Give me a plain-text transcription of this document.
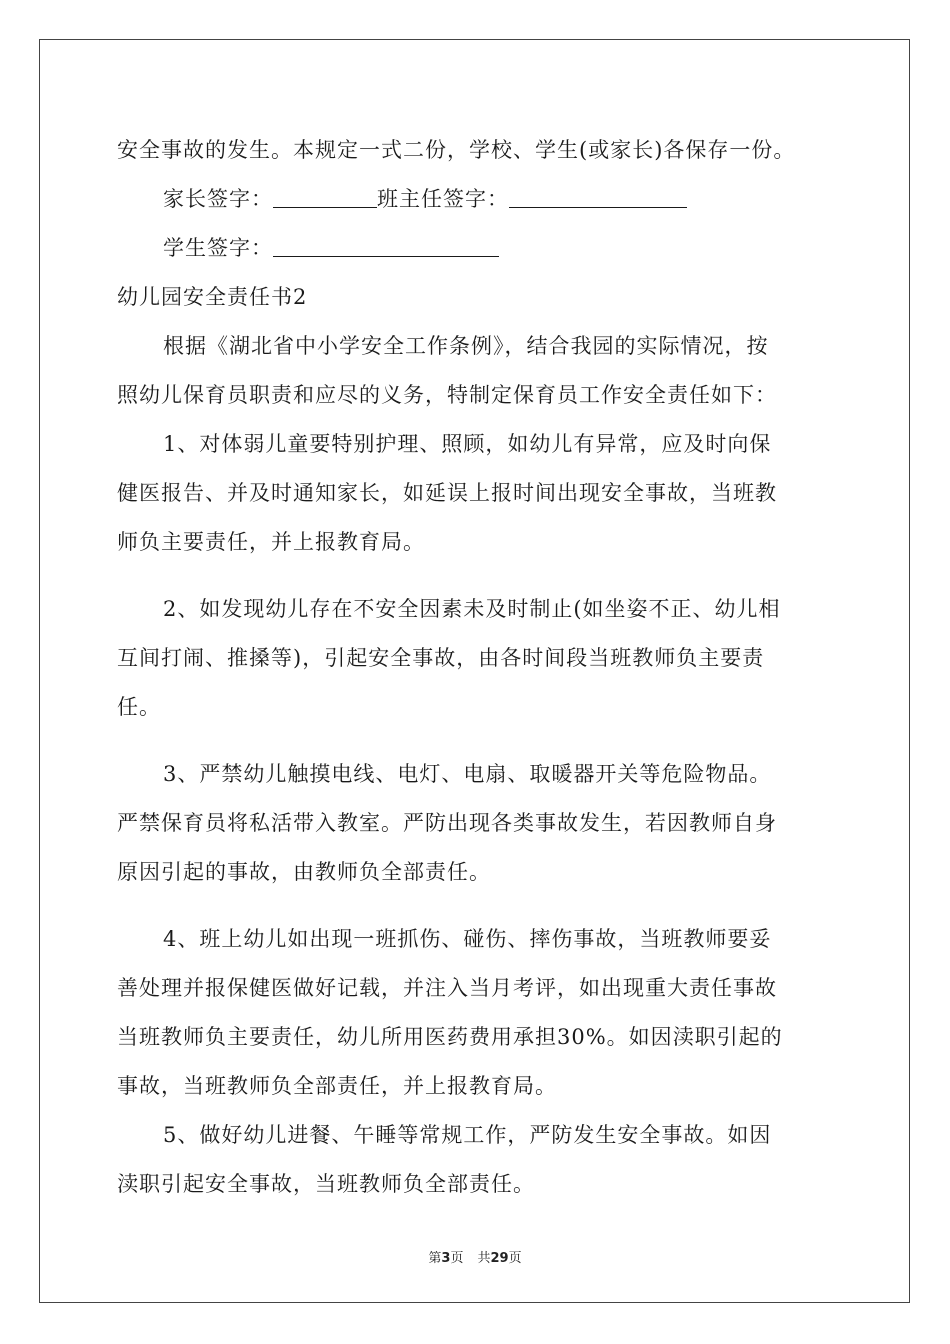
安全事故的发生。本规定一式二份，学校、学生(或家长)各保存一份。
家长签字：	班主任签字：
学生签字：
幼儿园安全责任书2
根据《湖北省中小学安全工作条例》，结合我园的实际情况，按
照幼儿保育员职责和应尽的义务，特制定保育员工作安全责任如下：
1、对体弱儿童要特别护理、照顾，如幼儿有异常，应及时向保
健医报告、并及时通知家长，如延误上报时间出现安全事故，当班教
师负主要责任，并上报教育局。
2、如发现幼儿存在不安全因素未及时制止(如坐姿不正、幼儿相
互间打闹、推搡等)，引起安全事故，由各时间段当班教师负主要责
任。
3、严禁幼儿触摸电线、电灯、电扇、取暖器开关等危险物品。
严禁保育员将私活带入教室。严防出现各类事故发生，若因教师自身
原因引起的事故，由教师负全部责任。
4、班上幼儿如出现一班抓伤、碰伤、摔伤事故，当班教师要妥
善处理并报保健医做好记载，并注入当月考评，如出现重大责任事故
当班教师负主要责任，幼儿所用医药费用承担30%。如因渎职引起的
事故，当班教师负全部责任，并上报教育局。
5、做好幼儿进餐、午睡等常规工作，严防发生安全事故。如因
渎职引起安全事故，当班教师负全部责任。
第3页 共29页
